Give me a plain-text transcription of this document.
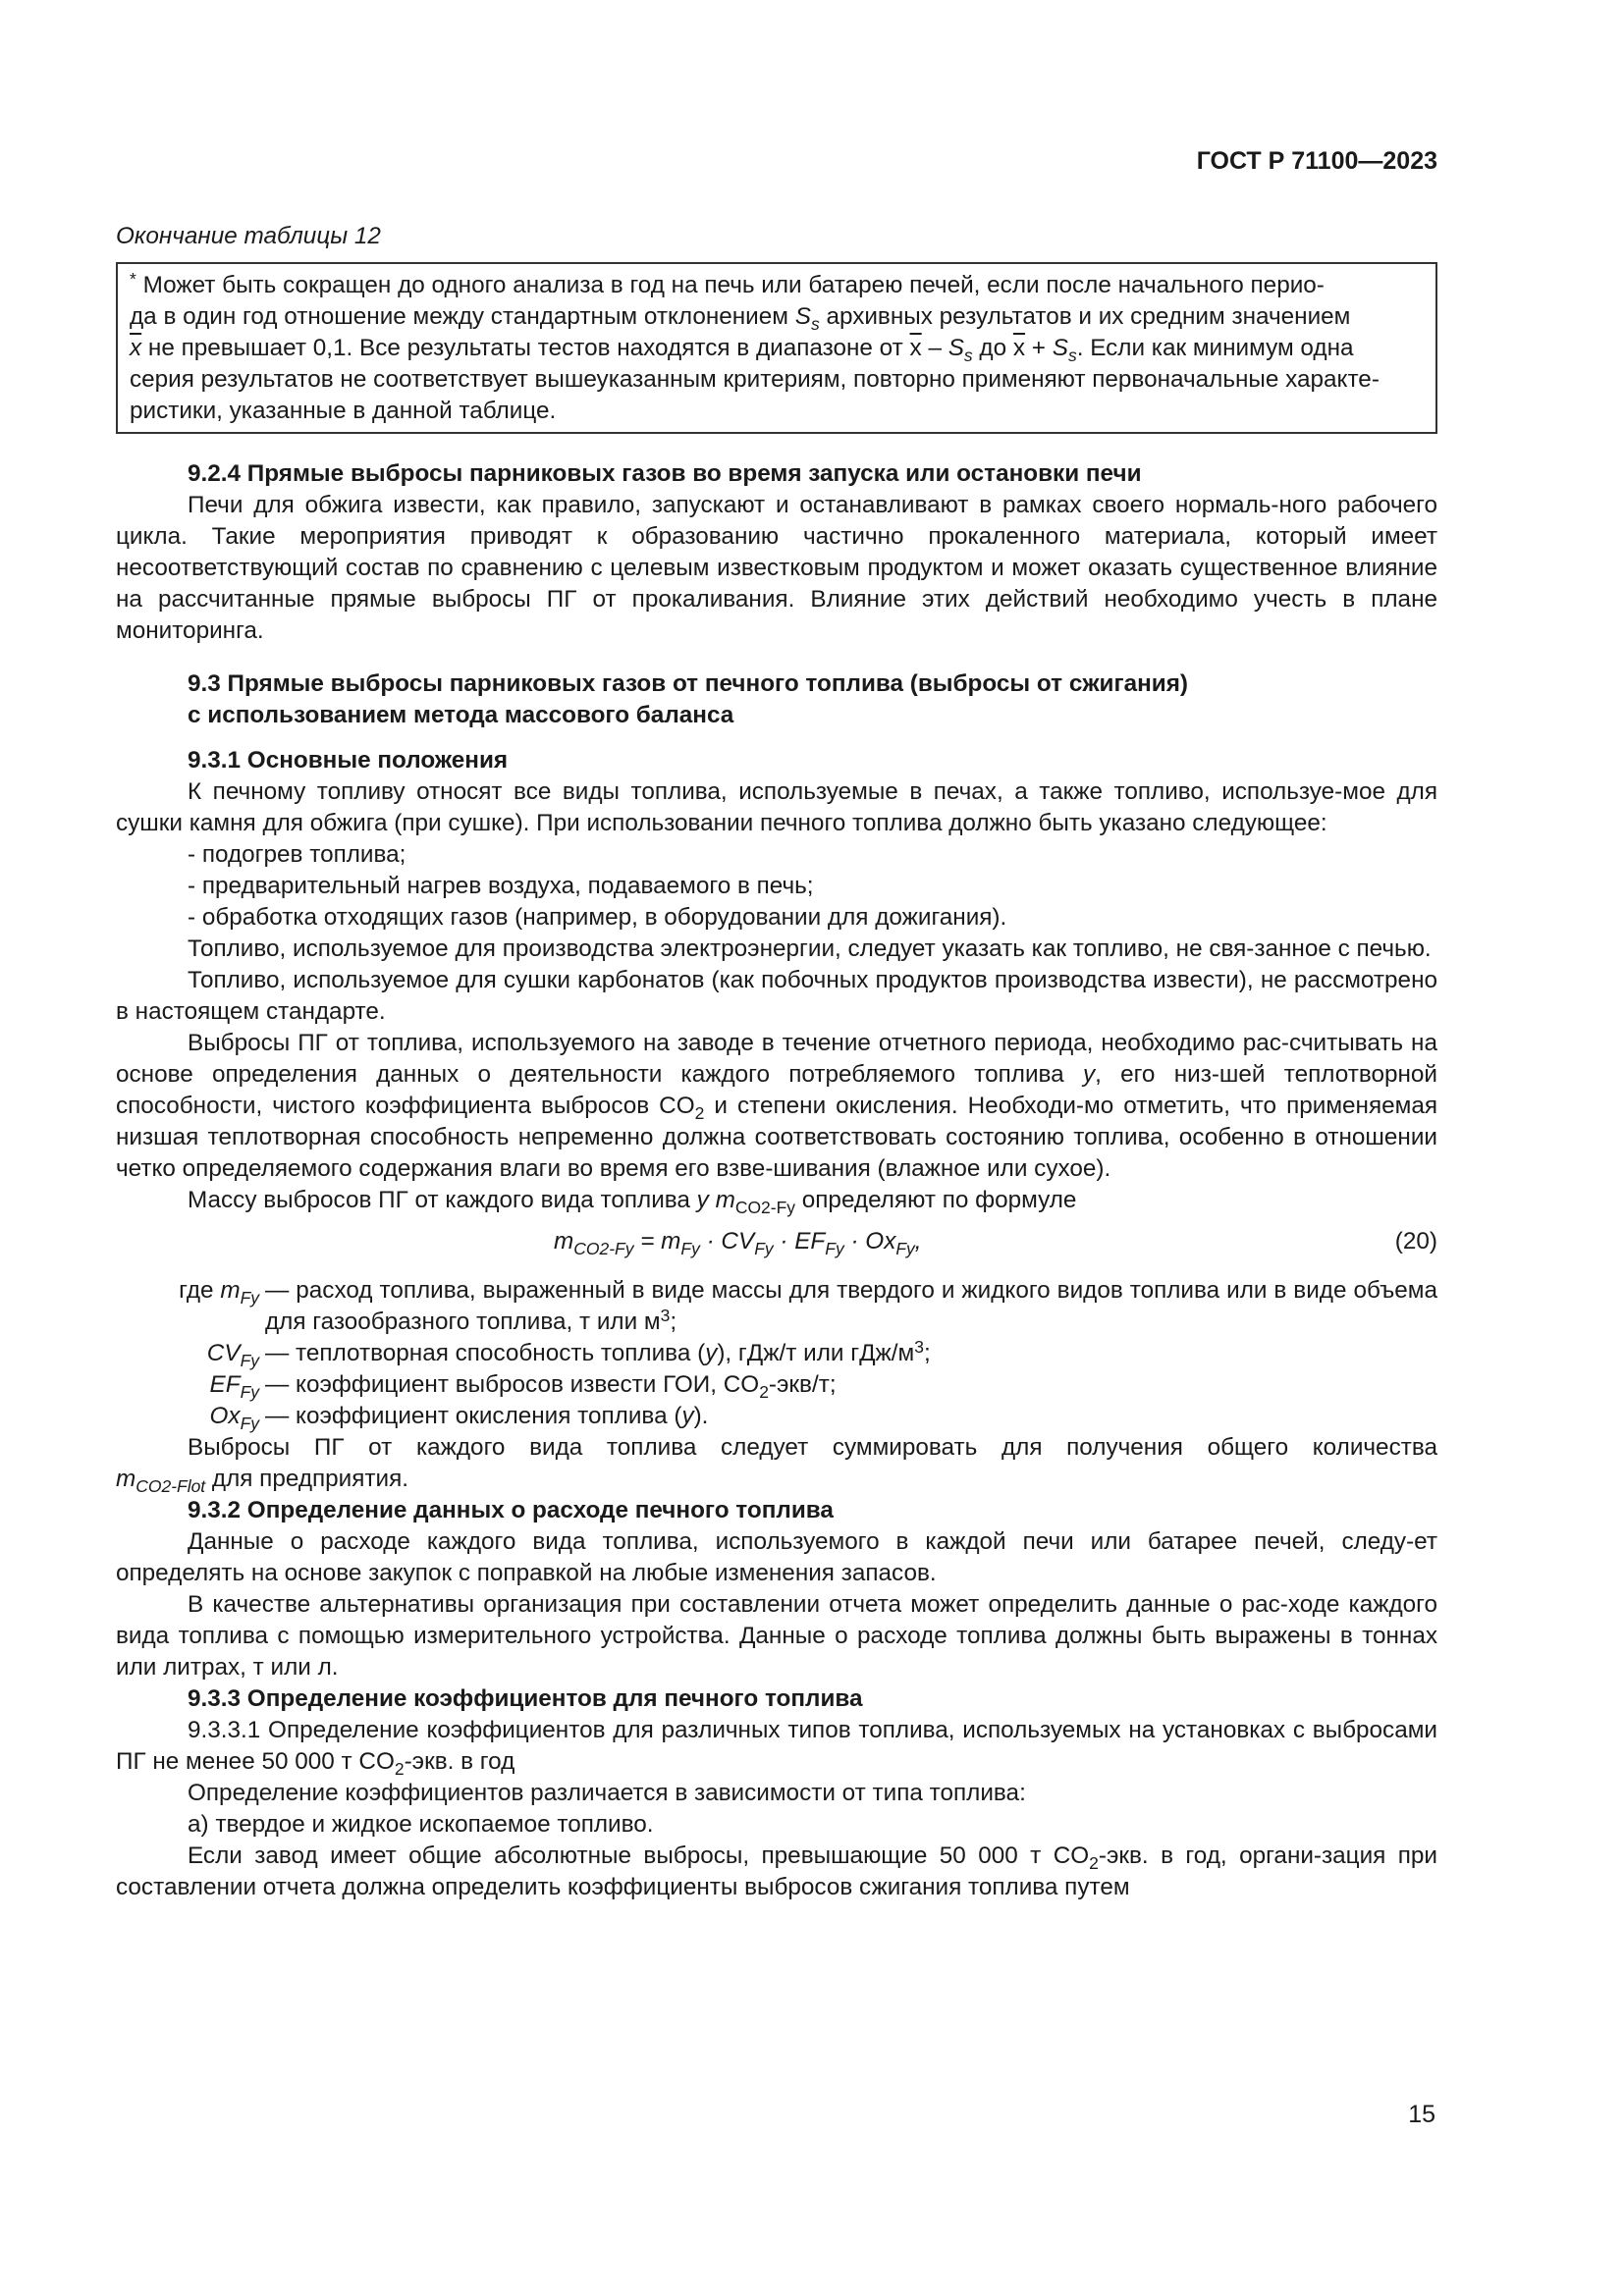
ГОСТ Р 71100—2023

Окончание таблицы 12

* Может быть сокращен до одного анализа в год на печь или батарею печей, если после начального перио-
да в один год отношение между стандартным отклонением $S_s$ архивных результатов и их средним значением
$\overline{x}$ не превышает 0,1. Все результаты тестов находятся в диапазоне от $\overline{x} - S_s$ до $\overline{x} + S_s$. Если как минимум одна
серия результатов не соответствует вышеуказанным критериям, повторно применяют первоначальные характе-
ристики, указанные в данной таблице.

9.2.4 Прямые выбросы парниковых газов во время запуска или остановки печи

Печи для обжига извести, как правило, запускают и останавливают в рамках своего нормаль-ного рабочего цикла. Такие мероприятия приводят к образованию частично прокаленного материала, который имеет несоответствующий состав по сравнению с целевым известковым продуктом и может оказать существенное влияние на рассчитанные прямые выбросы ПГ от прокаливания. Влияние этих действий необходимо учесть в плане мониторинга.

9.3 Прямые выбросы парниковых газов от печного топлива (выбросы от сжигания)

с использованием метода массового баланса

9.3.1 Основные положения

К печному топливу относят все виды топлива, используемые в печах, а также топливо, используе-мое для сушки камня для обжига (при сушке). При использовании печного топлива должно быть указано следующее:

- подогрев топлива;

- предварительный нагрев воздуха, подаваемого в печь;

- обработка отходящих газов (например, в оборудовании для дожигания).

Топливо, используемое для производства электроэнергии, следует указать как топливо, не свя-занное с печью.

Топливо, используемое для сушки карбонатов (как побочных продуктов производства извести), не рассмотрено в настоящем стандарте.

Выбросы ПГ от топлива, используемого на заводе в течение отчетного периода, необходимо рас-считывать на основе определения данных о деятельности каждого потребляемого топлива y, его низ-шей теплотворной способности, чистого коэффициента выбросов $CO_2$ и степени окисления. Необходи-мо отметить, что применяемая низшая теплотворная способность непременно должна соответствовать состоянию топлива, особенно в отношении четко определяемого содержания влаги во время его взве-шивания (влажное или сухое).

Массу выбросов ПГ от каждого вида топлива y $m_{CO2-Fy}$ определяют по формуле

$m_{CO2-Fy} = m_{Fy} \cdot CV_{Fy} \cdot EF_{Fy} \cdot Ox_{Fy}$,	(20)
где $m_{Fy}$ — расход топлива, выраженный в виде массы для твердого и жидкого видов топлива или в виде объема для газообразного топлива, т или $м^3$;
$CV_{Fy}$ — теплотворная способность топлива (y), гДж/т или гДж/$м^3$;
$EF_{Fy}$ — коэффициент выбросов извести ГОИ, $CO_2-экв/т$;
$Ox_{Fy}$ — коэффициент окисления топлива (y).

Выбросы ПГ от каждого вида топлива следует суммировать для получения общего количества

$m_{CO2-Flot}$ для предприятия.

9.3.2 Определение данных о расходе печного топлива

Данные о расходе каждого вида топлива, используемого в каждой печи или батарее печей, следу-ет определять на основе закупок с поправкой на любые изменения запасов.

В качестве альтернативы организация при составлении отчета может определить данные о рас-ходе каждого вида топлива с помощью измерительного устройства. Данные о расходе топлива должны быть выражены в тоннах или литрах, т или л.

9.3.3 Определение коэффициентов для печного топлива

9.3.3.1 Определение коэффициентов для различных типов топлива, используемых на установках с выбросами ПГ не менее 50 000 т $CO_2$-экв. в год

Определение коэффициентов различается в зависимости от типа топлива:

а) твердое и жидкое ископаемое топливо.

Если завод имеет общие абсолютные выбросы, превышающие 50 000 т $CO_2$-экв. в год, органи-зация при составлении отчета должна определить коэффициенты выбросов сжигания топлива путем

15
